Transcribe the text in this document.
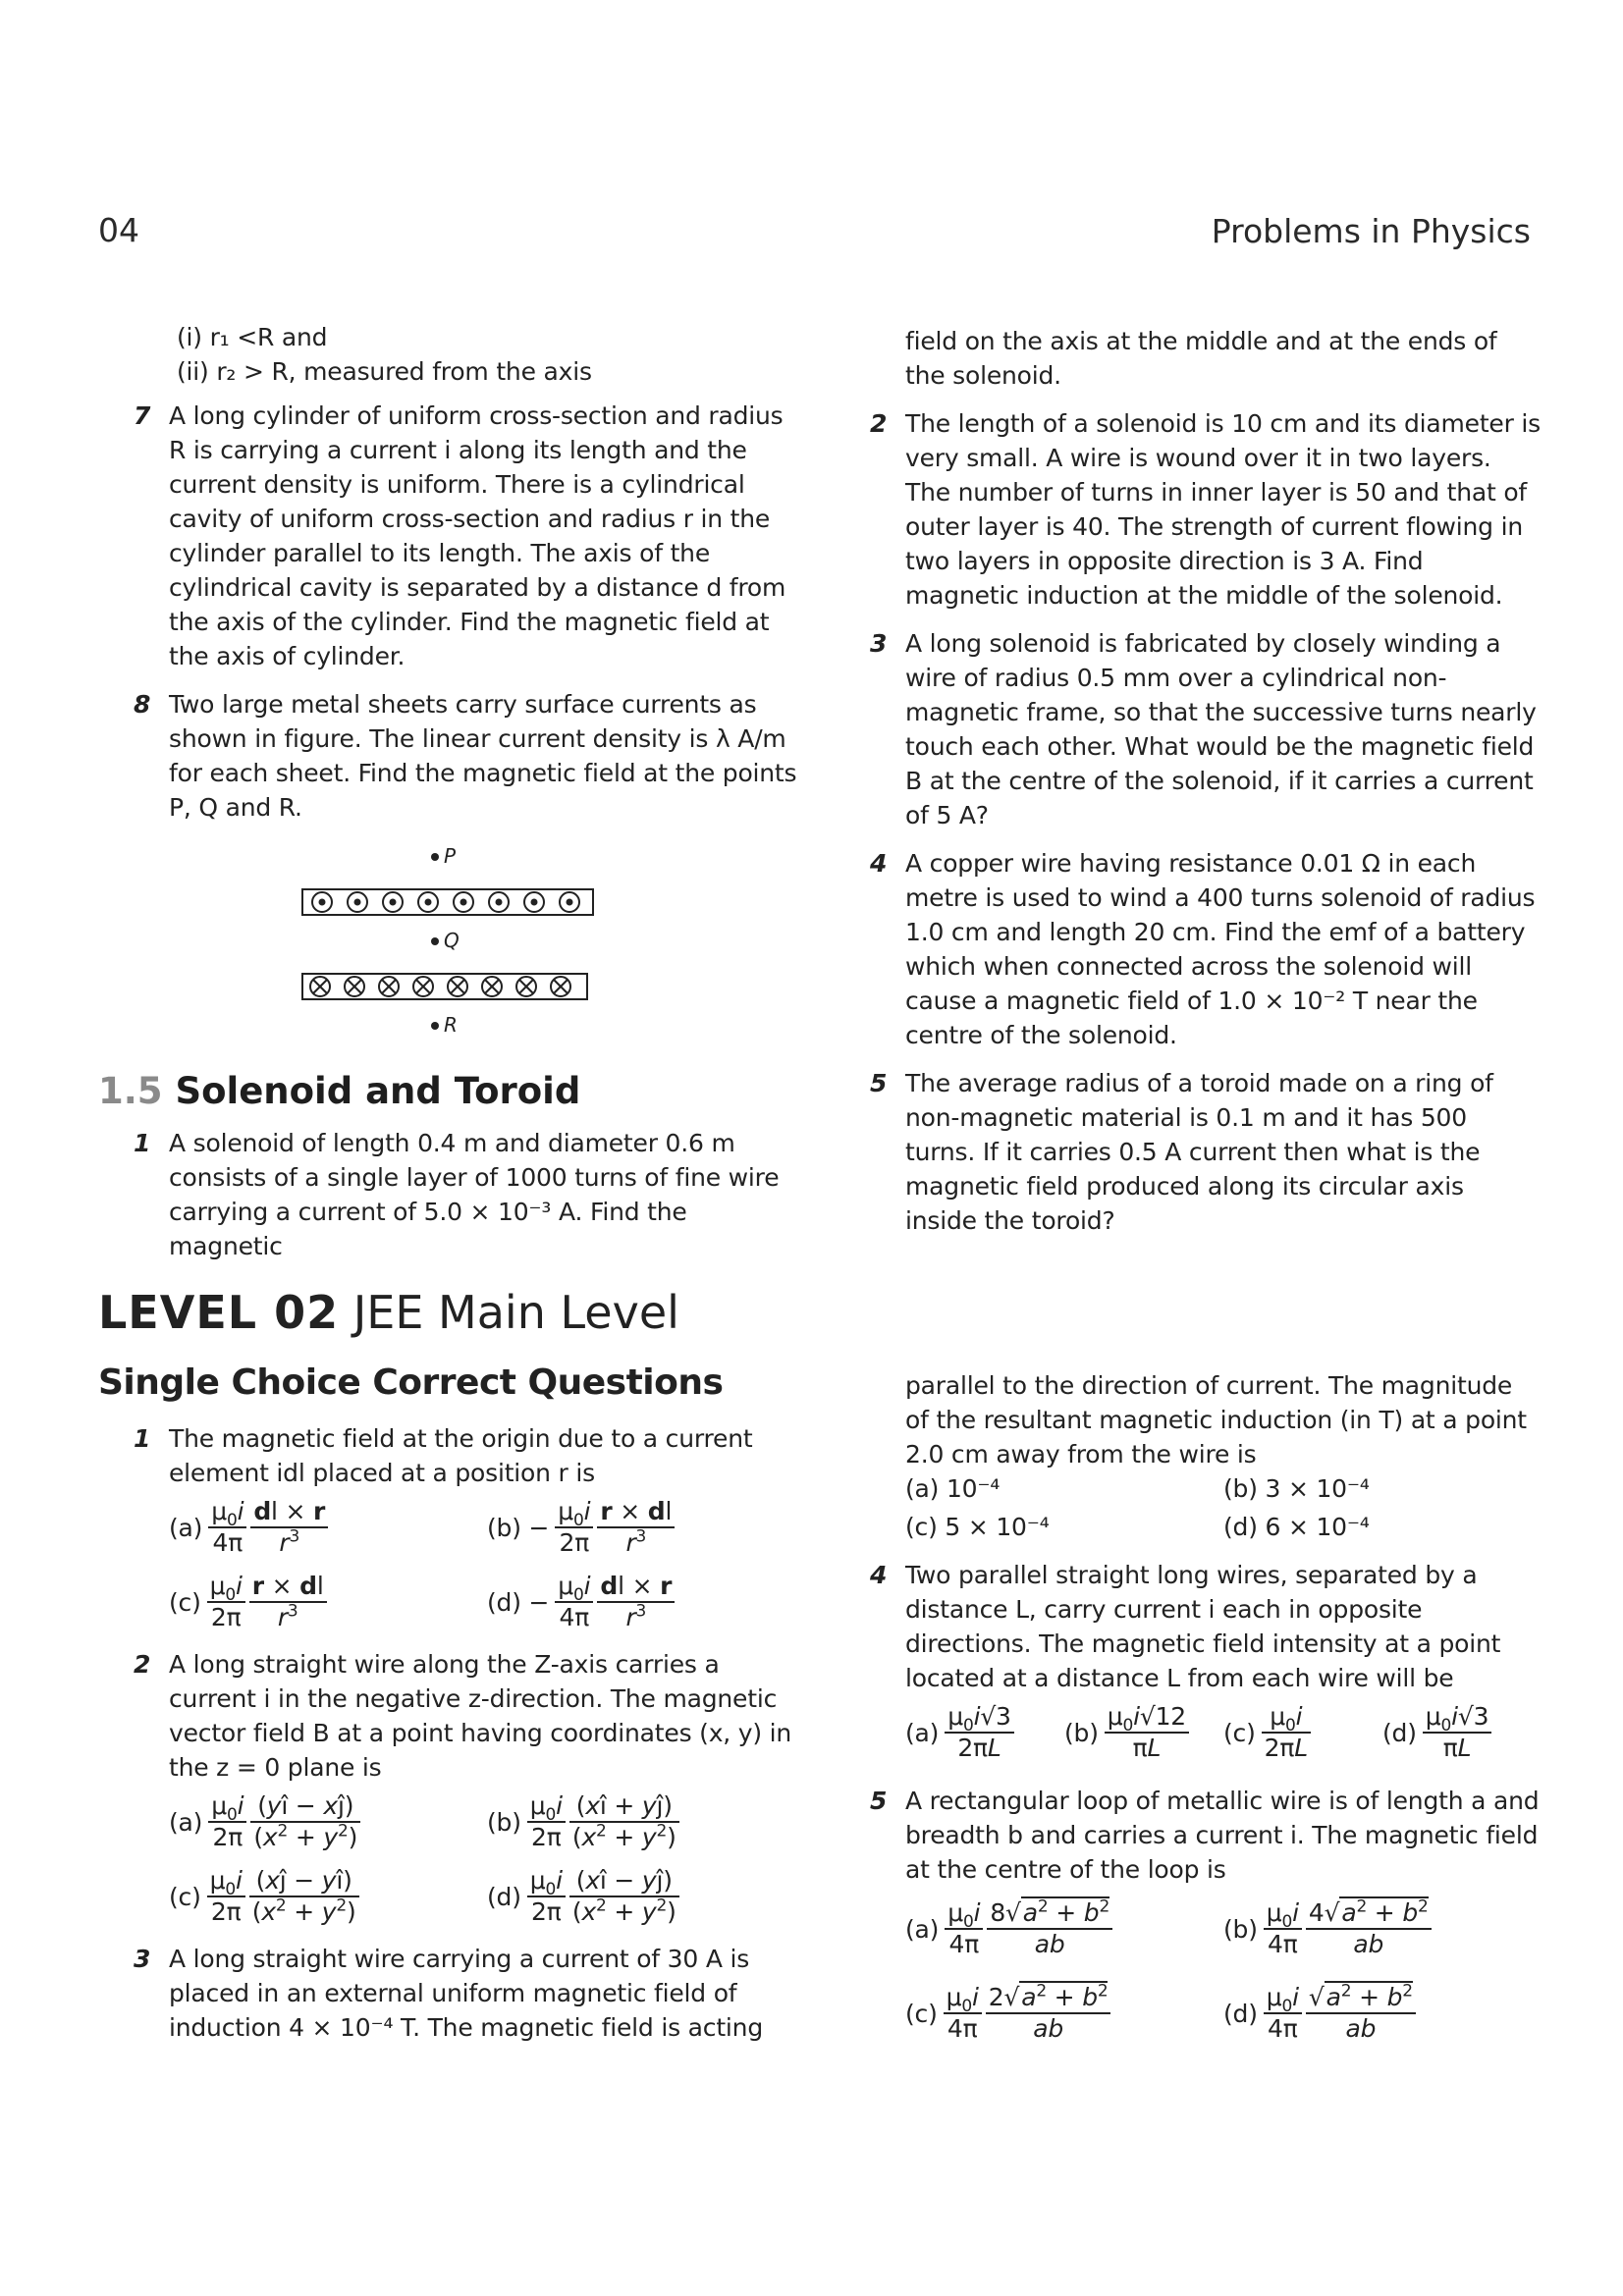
04	Problems in Physics
(i) r₁ <R and
(ii) r₂ > R, measured from the axis
7 A long cylinder of uniform cross-section and radius R is carrying a current i along its length and the current density is uniform. There is a cylindrical cavity of uniform cross-section and radius r in the cylinder parallel to its length. The axis of the cylindrical cavity is separated by a distance d from the axis of the cylinder. Find the magnetic field at the axis of cylinder.
8 Two large metal sheets carry surface currents as shown in figure. The linear current density is λ A/m for each sheet. Find the magnetic field at the points P, Q and R.
P
Q
R
1.5 Solenoid and Toroid
1 A solenoid of length 0.4 m and diameter 0.6 m consists of a single layer of 1000 turns of fine wire carrying a current of 5.0 × 10⁻³ A. Find the magnetic
field on the axis at the middle and at the ends of the solenoid.
2 The length of a solenoid is 10 cm and its diameter is very small. A wire is wound over it in two layers. The number of turns in inner layer is 50 and that of outer layer is 40. The strength of current flowing in two layers in opposite direction is 3 A. Find magnetic induction at the middle of the solenoid.
3 A long solenoid is fabricated by closely winding a wire of radius 0.5 mm over a cylindrical non-magnetic frame, so that the successive turns nearly touch each other. What would be the magnetic field B at the centre of the solenoid, if it carries a current of 5 A?
4 A copper wire having resistance 0.01 Ω in each metre is used to wind a 400 turns solenoid of radius 1.0 cm and length 20 cm. Find the emf of a battery which when connected across the solenoid will cause a magnetic field of 1.0 × 10⁻² T near the centre of the solenoid.
5 The average radius of a toroid made on a ring of non-magnetic material is 0.1 m and it has 500 turns. If it carries 0.5 A current then what is the magnetic field produced along its circular axis inside the toroid?
LEVEL 02 JEE Main Level
Single Choice Correct Questions
1 The magnetic field at the origin due to a current element idl placed at a position r is
$(a) \frac{\mu_0i}{4\pi} \frac{dl \times r}{r^3}$	$(b) - \frac{\mu_0i}{2\pi} \frac{r \times dl}{r^3}$
$(c) \frac{\mu_0i}{2\pi} \frac{r \times dl}{r^3}$	$(d) - \frac{\mu_0i}{4\pi} \frac{dl \times r}{r^3}$
2 A long straight wire along the Z-axis carries a current i in the negative z-direction. The magnetic vector field B at a point having coordinates (x, y) in the z = 0 plane is
$(a) \frac{\mu_0i}{2\pi} \frac{(yî - xĵ)}{(x^2 + y^2)}$	$(b) \frac{\mu_0i}{2\pi} \frac{(xî + yĵ)}{(x^2 + y^2)}$
$(c) \frac{\mu_0i}{2\pi} \frac{(xĵ - yî)}{(x^2 + y^2)}$	$(d) \frac{\mu_0i}{2\pi} \frac{(xî - yĵ)}{(x^2 + y^2)}$
3 A long straight wire carrying a current of 30 A is placed in an external uniform magnetic field of induction 4 × 10⁻⁴ T. The magnetic field is acting
parallel to the direction of current. The magnitude of the resultant magnetic induction (in T) at a point 2.0 cm away from the wire is
(a) 10⁻⁴	(b) 3 × 10⁻⁴
(c) 5 × 10⁻⁴	(d) 6 × 10⁻⁴
4 Two parallel straight long wires, separated by a distance L, carry current i each in opposite directions. The magnetic field intensity at a point located at a distance L from each wire will be
$(a) \frac{\mu_0i√3}{2\pi L} (b) \frac{\mu_0i√12}{\pi L} (c) \frac{\mu_0i}{2\pi L}$	$(d) \frac{\mu_0i√3}{\pi L}$
5 A rectangular loop of metallic wire is of length a and breadth b and carries a current i. The magnetic field at the centre of the loop is
$(a) \frac{\mu_0i}{4\pi} \frac{8√a^2 + b^2}{ab}$	$(b) \frac{\mu_0i}{4\pi} \frac{4√a^2 + b^2}{ab}$
$(c) \frac{\mu_0i}{4\pi} \frac{2√a^2 + b^2}{ab}$	$(d) \frac{\mu_0i}{4\pi} \frac{√a^2 + b^2}{ab}$
